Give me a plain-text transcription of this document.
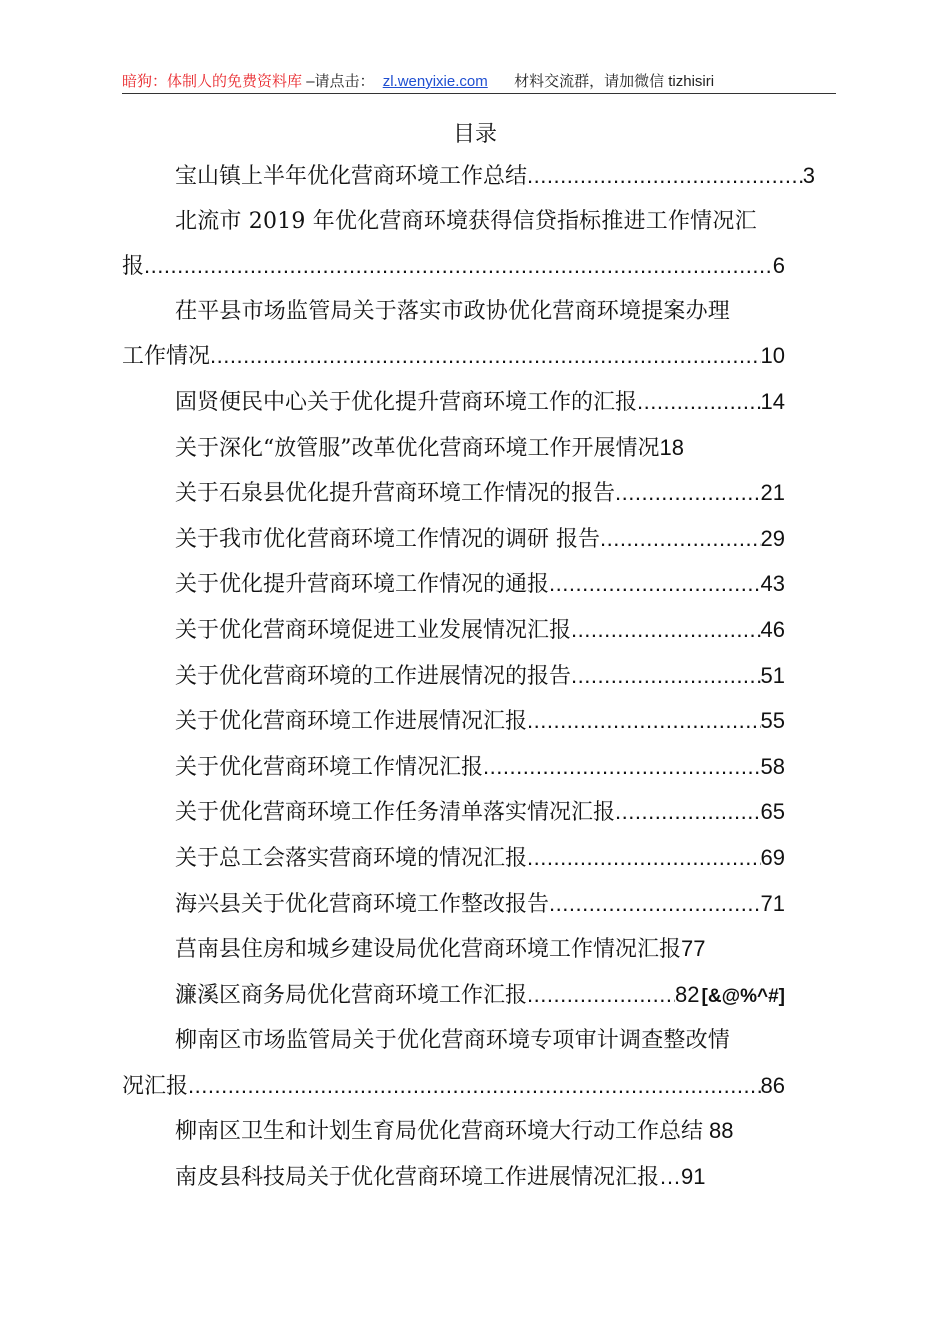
暗狗：体制人的免费资料库 –请点击： zl.wenyixie.com 材料交流群，请加微信 tizhisiri
目录
宝山镇上半年优化营商环境工作总结 .....	3
北流市 2019 年优化营商环境获得信贷指标推进工作情况汇
报 .....	6
茌平县市场监管局关于落实市政协优化营商环境提案办理
工作情况 .....	10
固贤便民中心关于优化提升营商环境工作的汇报 .....	14
关于深化“放管服”改革优化营商环境工作开展情况 18
关于石泉县优化提升营商环境工作情况的报告 .....	21
关于我市优化营商环境工作情况的调研 报告 .....	29
关于优化提升营商环境工作情况的通报 .....	43
关于优化营商环境促进工业发展情况汇报 .....	46
关于优化营商环境的工作进展情况的报告 .....	51
关于优化营商环境工作进展情况汇报 .....	55
关于优化营商环境工作情况汇报 .....	58
关于优化营商环境工作任务清单落实情况汇报 .....	65
关于总工会落实营商环境的情况汇报 .....	69
海兴县关于优化营商环境工作整改报告 .....	71
莒南县住房和城乡建设局优化营商环境工作情况汇报 77
濂溪区商务局优化营商环境工作汇报 .....	82 [&@%^#]
柳南区市场监管局关于优化营商环境专项审计调查整改情
况汇报 .....	86
柳南区卫生和计划生育局优化营商环境大行动工作总结 88
南皮县科技局关于优化营商环境工作进展情况汇报 … 91
